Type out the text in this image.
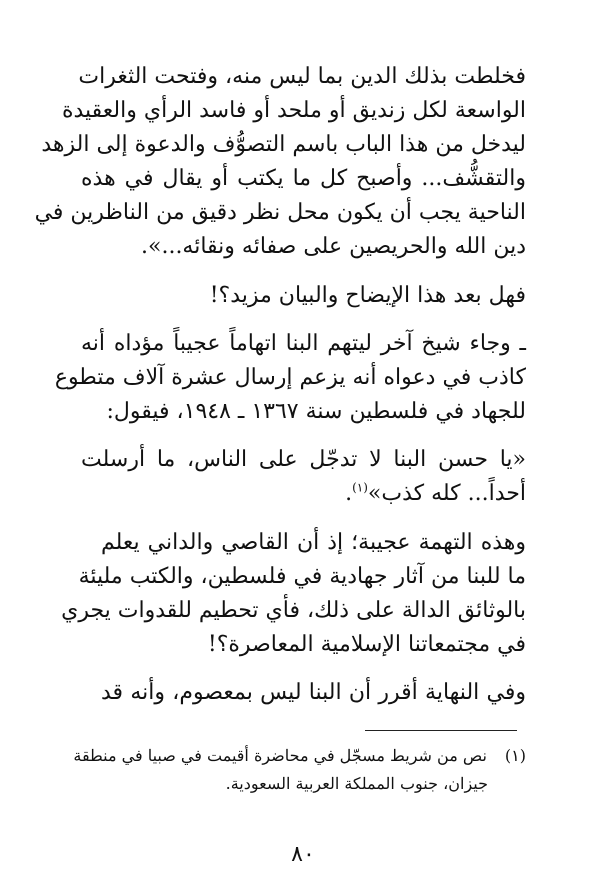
فخلطت بذلك الدين بما ليس منه، وفتحت الثغرات
الواسعة لكل زنديق أو ملحد أو فاسد الرأي والعقيدة
ليدخل من هذا الباب باسم التصوُّف والدعوة إلى الزهد
والتقشُّف... وأصبح كل ما يكتب أو يقال في هذه
الناحية يجب أن يكون محل نظر دقيق من الناظرين في
دين الله والحريصين على صفائه ونقائه...».
فهل بعد هذا الإيضاح والبيان مزيد؟!
ـ وجاء شيخ آخر ليتهم البنا اتهاماً عجيباً مؤداه أنه
كاذب في دعواه أنه يزعم إرسال عشرة آلاف متطوع
للجهاد في فلسطين سنة ١٣٦٧ ـ ١٩٤٨، فيقول:
«يا حسن البنا لا تدجّل على الناس، ما أرسلت
أحداً... كله كذب»$^{(١)}$.
وهذه التهمة عجيبة؛ إذ أن القاصي والداني يعلم
ما للبنا من آثار جهادية في فلسطين، والكتب مليئة
بالوثائق الدالة على ذلك، فأي تحطيم للقدوات يجري
في مجتمعاتنا الإسلامية المعاصرة؟!
وفي النهاية أقرر أن البنا ليس بمعصوم، وأنه قد
(١)نص من شريط مسجّل في محاضرة أقيمت في صبيا في منطقة
جيزان، جنوب المملكة العربية السعودية.
٨٠
